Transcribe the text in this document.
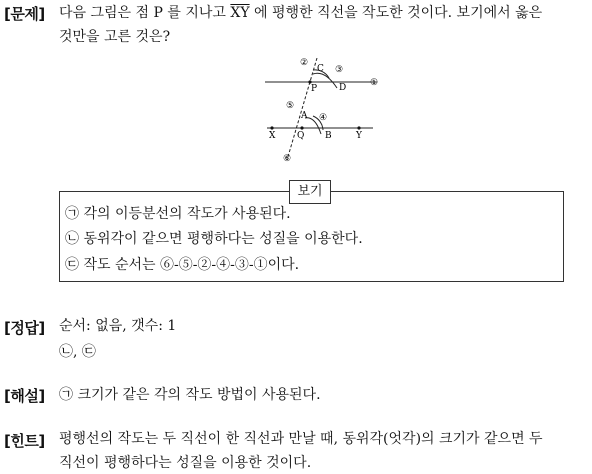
[문제] 다음 그림은 점 P 를 지나고 $\overline{XY}$ 에 평행한 직선을 작도한 것이다. 보기에서 옳은
것만을 고른 것은?
②
③
①
C
P D
⑤
④
A
X Q B	Y
⑥
보기
㉠ 각의 이등분선의 작도가 사용된다.
㉡ 동위각이 같으면 평행하다는 성질을 이용한다.
㉢ 작도 순서는 ⑥-⑤-②-④-③-①이다.
[정답] 순서: 없음, 갯수: 1
㉡, ㉢
[해설] ㉠ 크기가 같은 각의 작도 방법이 사용된다.
[힌트] 평행선의 작도는 두 직선이 한 직선과 만날 때, 동위각(엇각)의 크기가 같으면 두
직선이 평행하다는 성질을 이용한 것이다.
